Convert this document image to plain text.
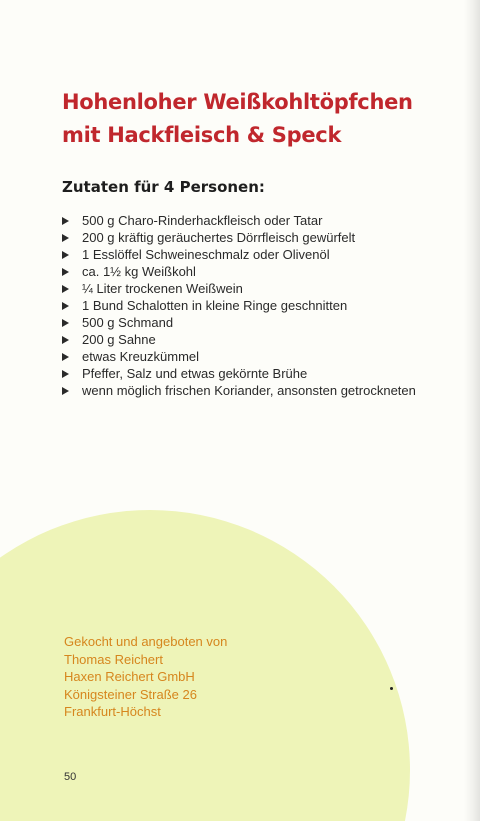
Hohenloher Weißkohltöpfchen
mit Hackfleisch & Speck
Zutaten für 4 Personen:
500 g Charo-Rinderhackfleisch oder Tatar
200 g kräftig geräuchertes Dörrfleisch gewürfelt
1 Esslöffel Schweineschmalz oder Olivenöl
ca. 1½ kg Weißkohl
¼ Liter trockenen Weißwein
1 Bund Schalotten in kleine Ringe geschnitten
500 g Schmand
200 g Sahne
etwas Kreuzkümmel
Pfeffer, Salz und etwas gekörnte Brühe
wenn möglich frischen Koriander, ansonsten getrockneten
Gekocht und angeboten von
Thomas Reichert
Haxen Reichert GmbH
Königsteiner Straße 26
Frankfurt-Höchst

50
